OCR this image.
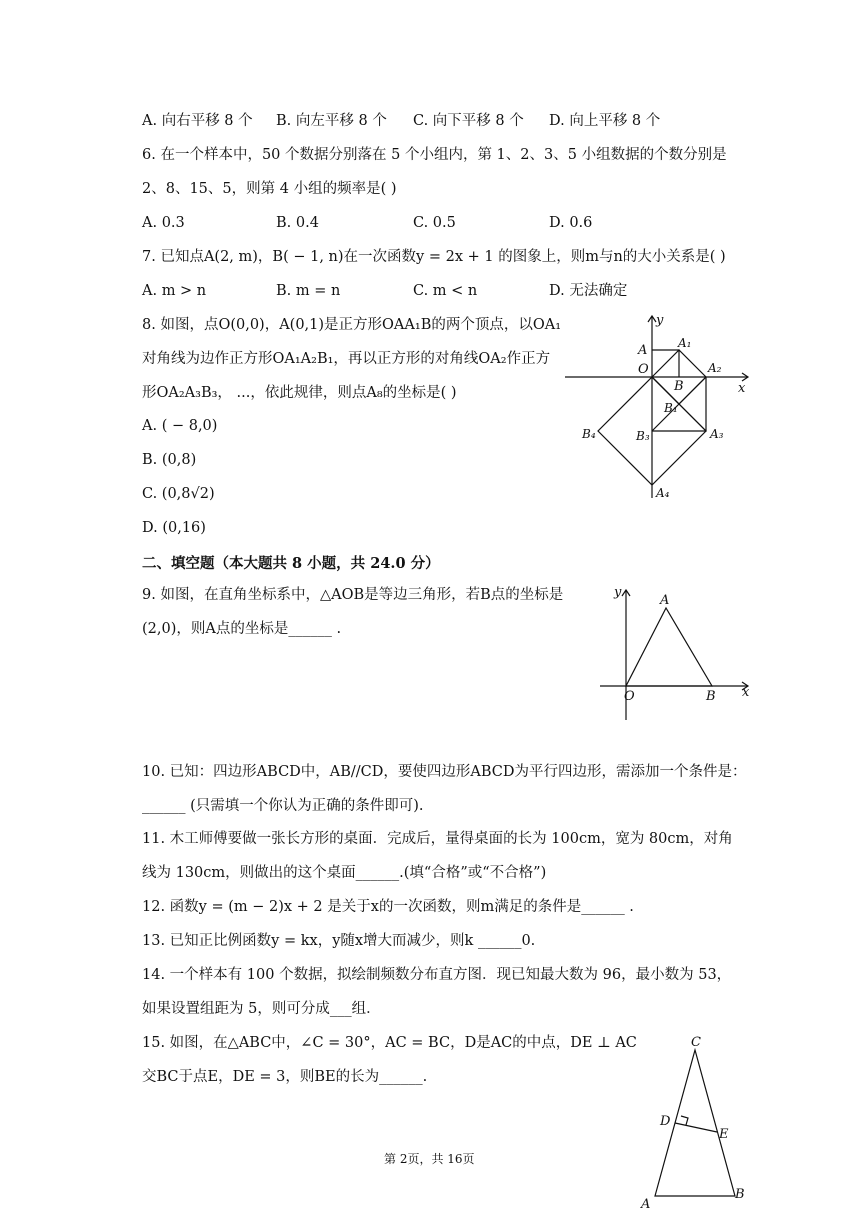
A. 向右平移 8 个 B. 向左平移 8 个 C. 向下平移 8 个 D. 向上平移 8 个
6. 在一个样本中，50 个数据分别落在 5 个小组内，第 1、2、3、5 小组数据的个数分别是
2、8、15、5，则第 4 小组的频率是( )
A. 0.3	B. 0.4	C. 0.5	D. 0.6
7. 已知点A(2, m)，B( − 1, n)在一次函数y = 2x + 1 的图象上，则m与n的大小关系是( )
A. m > n	B. m = n	C. m < n	D. 无法确定
8. 如图，点O(0,0)，A(0,1)是正方形OAA₁B的两个顶点，以OA₁
对角线为边作正方形OA₁A₂B₁，再以正方形的对角线OA₂作正方
形OA₂A₃B₃， ...，依此规律，则点A₈的坐标是( )
A. ( − 8,0)
B. (0,8)
C. (0,8√2)
D. (0,16)
y
x
A	A₁
O
B
A₂
B₁
B₄	B₃	A₃
A₄
二、填空题（本大题共 8 小题，共 24.0 分）
9. 如图，在直角坐标系中，△AOB是等边三角形，若B点的坐标是
(2,0)，则A点的坐标是______ .
y
A
O	B x
10. 已知：四边形ABCD中，AB//CD，要使四边形ABCD为平行四边形，需添加一个条件是：
______ (只需填一个你认为正确的条件即可).
11. 木工师傅要做一张长方形的桌面．完成后，量得桌面的长为 100cm，宽为 80cm，对角
线为 130cm，则做出的这个桌面______.(填“合格”或“不合格”)
12. 函数y = (m − 2)x + 2 是关于x的一次函数，则m满足的条件是______ .
13. 已知正比例函数y = kx，y随x增大而减少，则k ______0.
14. 一个样本有 100 个数据，拟绘制频数分布直方图．现已知最大数为 96，最小数为 53，
如果设置组距为 5，则可分成___组．
15. 如图，在△ABC中，∠C = 30°，AC = BC，D是AC的中点，DE ⊥ AC
交BC于点E，DE = 3，则BE的长为______.
C
D
E
A
B
第 2页，共 16页
